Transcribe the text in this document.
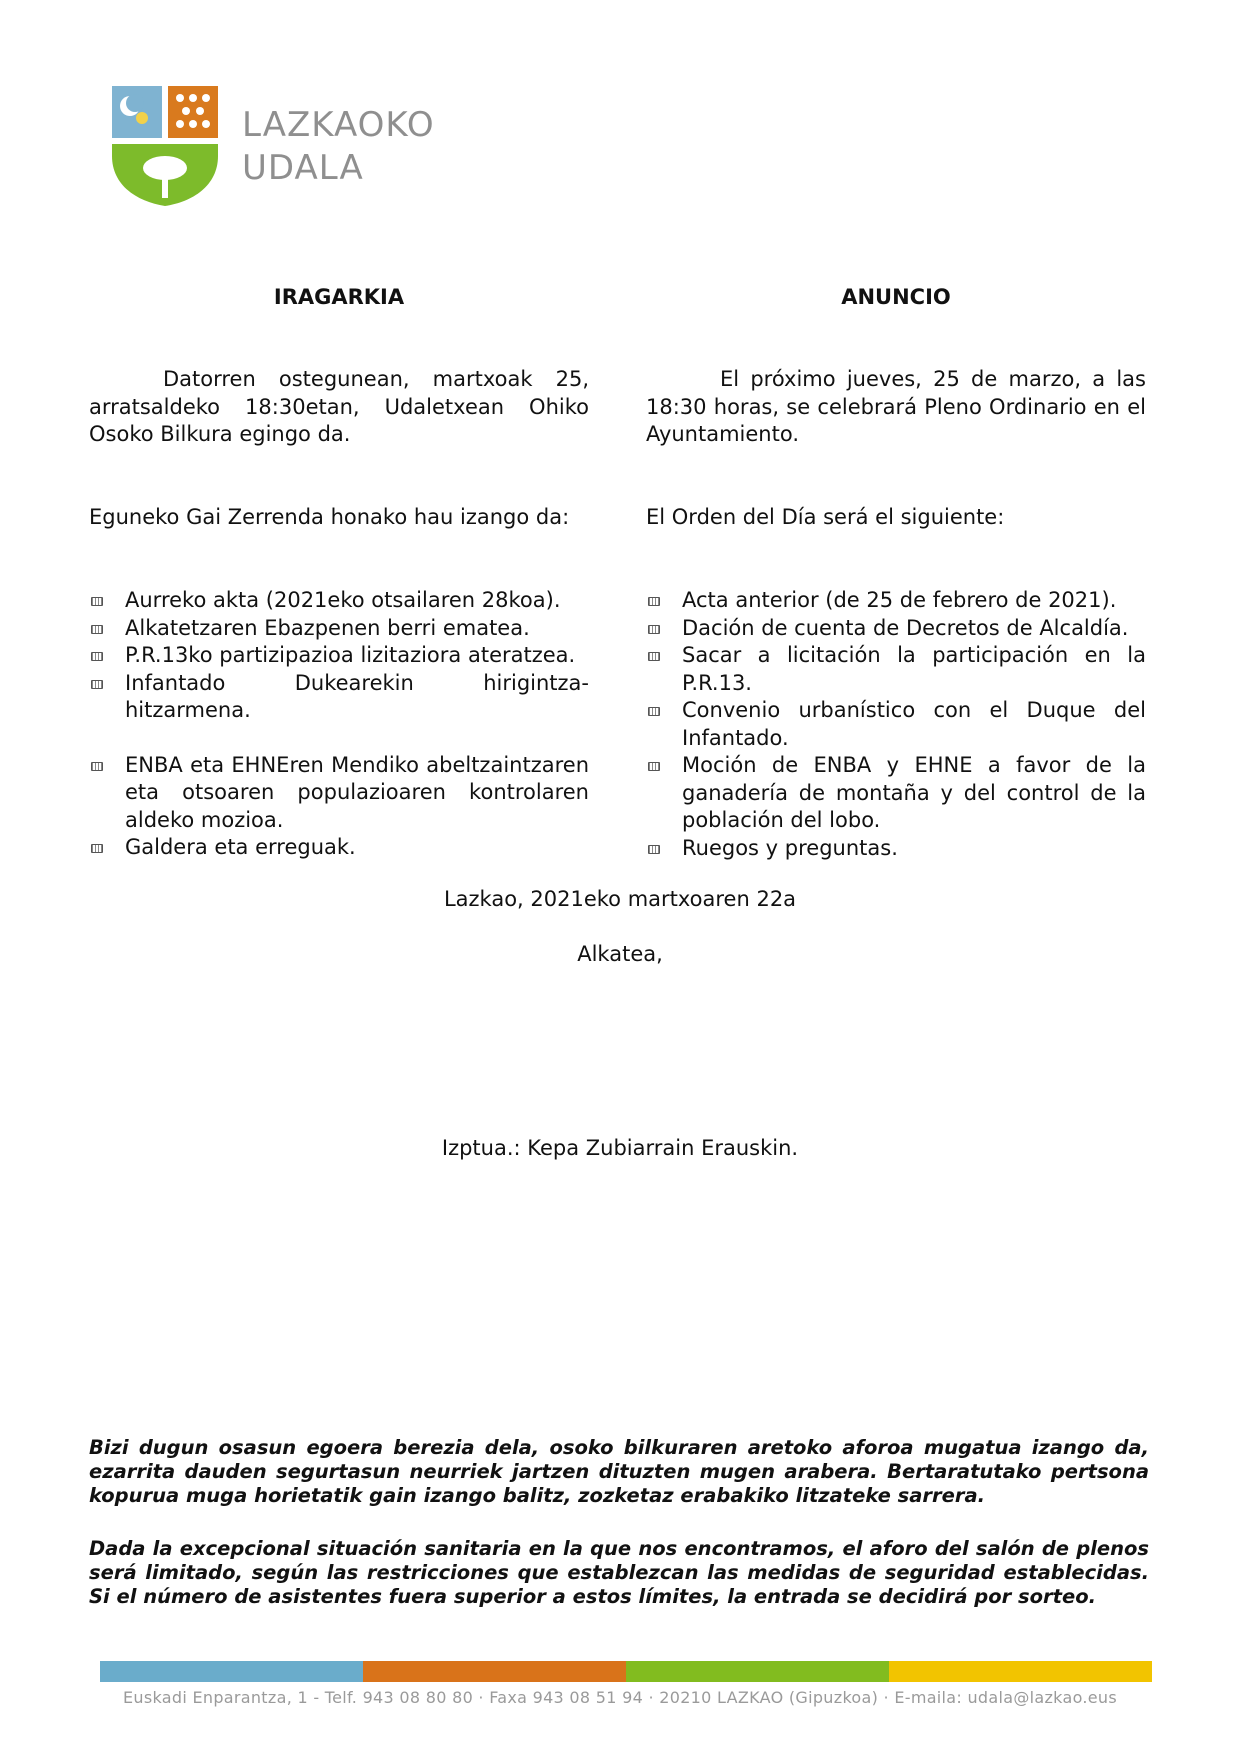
LAZKAOKO
UDALA

IRAGARKIA

Datorren ostegunean, martxoak 25, arratsaldeko 18:30etan, Udaletxean Ohiko Osoko Bilkura egingo da.

Eguneko Gai Zerrenda honako hau izango da:

Aurreko akta (2021eko otsailaren 28koa).
Alkatetzaren Ebazpenen berri ematea.
P.R.13ko partizipazioa lizitaziora ateratzea.
Infantado Dukearekin hirigintza-hitzarmena.
ENBA eta EHNEren Mendiko abeltzaintzaren eta otsoaren populazioaren kontrolaren aldeko mozioa.
Galdera eta erreguak.

ANUNCIO

El próximo jueves, 25 de marzo, a las 18:30 horas, se celebrará Pleno Ordinario en el Ayuntamiento.

El Orden del Día será el siguiente:

Acta anterior (de 25 de febrero de 2021).
Dación de cuenta de Decretos de Alcaldía.
Sacar a licitación la participación en la P.R.13.
Convenio urbanístico con el Duque del Infantado.
Moción de ENBA y EHNE a favor de la ganadería de montaña y del control de la población del lobo.
Ruegos y preguntas.

Lazkao, 2021eko martxoaren 22a

Alkatea,

Izptua.: Kepa Zubiarrain Erauskin.

Bizi dugun osasun egoera berezia dela, osoko bilkuraren aretoko aforoa mugatua izango da, ezarrita dauden segurtasun neurriek jartzen dituzten mugen arabera. Bertaratutako pertsona kopurua muga horietatik gain izango balitz, zozketaz erabakiko litzateke sarrera.

Dada la excepcional situación sanitaria en la que nos encontramos, el aforo del salón de plenos será limitado, según las restricciones que establezcan las medidas de seguridad establecidas. Si el número de asistentes fuera superior a estos límites, la entrada se decidirá por sorteo.

Euskadi Enparantza, 1 - Telf. 943 08 80 80 · Faxa 943 08 51 94 · 20210 LAZKAO (Gipuzkoa) · E-maila: udala@lazkao.eus
